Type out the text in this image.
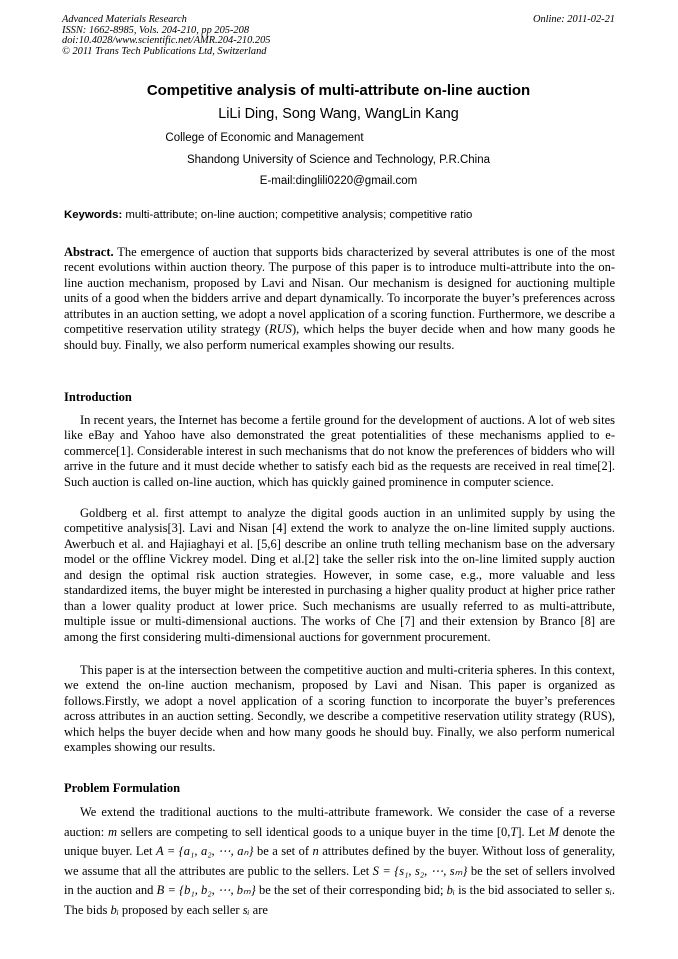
Advanced Materials Research
ISSN: 1662-8985, Vols. 204-210, pp 205-208
doi:10.4028/www.scientific.net/AMR.204-210.205
© 2011 Trans Tech Publications Ltd, Switzerland
Online: 2011-02-21
Competitive analysis of multi-attribute on-line auction
LiLi Ding, Song Wang, WangLin Kang
College of Economic and Management
Shandong University of Science and Technology, P.R.China
E-mail:dinglili0220@gmail.com
Keywords: multi-attribute; on-line auction; competitive analysis; competitive ratio
Abstract. The emergence of auction that supports bids characterized by several attributes is one of the most recent evolutions within auction theory. The purpose of this paper is to introduce multi-attribute into the on-line auction mechanism, proposed by Lavi and Nisan. Our mechanism is designed for auctioning multiple units of a good when the bidders arrive and depart dynamically. To incorporate the buyer’s preferences across attributes in an auction setting, we adopt a novel application of a scoring function. Furthermore, we describe a competitive reservation utility strategy (RUS), which helps the buyer decide when and how many goods he should buy. Finally, we also perform numerical examples showing our results.
Introduction
In recent years, the Internet has become a fertile ground for the development of auctions. A lot of web sites like eBay and Yahoo have also demonstrated the great potentialities of these mechanisms applied to e-commerce[1]. Considerable interest in such mechanisms that do not know the preferences of bidders who will arrive in the future and it must decide whether to satisfy each bid as the requests are received in real time[2]. Such auction is called on-line auction, which has quickly gained prominence in computer science.
Goldberg et al. first attempt to analyze the digital goods auction in an unlimited supply by using the competitive analysis[3]. Lavi and Nisan [4] extend the work to analyze the on-line limited supply auctions. Awerbuch et al. and Hajiaghayi et al. [5,6] describe an online truth telling mechanism base on the adversary model or the offline Vickrey model. Ding et al.[2] take the seller risk into the on-line limited supply auction and design the optimal risk auction strategies. However, in some case, e.g., more valuable and less standardized items, the buyer might be interested in purchasing a higher quality product at higher price rather than a lower quality product at lower price. Such mechanisms are usually referred to as multi-attribute, multiple issue or multi-dimensional auctions. The works of Che [7] and their extension by Branco [8] are among the first considering multi-dimensional auctions for government procurement.
This paper is at the intersection between the competitive auction and multi-criteria spheres. In this context, we extend the on-line auction mechanism, proposed by Lavi and Nisan. This paper is organized as follows.Firstly, we adopt a novel application of a scoring function to incorporate the buyer’s preferences across attributes in an auction setting. Secondly, we describe a competitive reservation utility strategy (RUS), which helps the buyer decide when and how many goods he should buy. Finally, we also perform numerical examples showing our results.
Problem Formulation
We extend the traditional auctions to the multi-attribute framework. We consider the case of a reverse auction: m sellers are competing to sell identical goods to a unique buyer in the time [0,T]. Let M denote the unique buyer. Let A = {a₁, a₂, ⋯, aₙ} be a set of n attributes defined by the buyer. Without loss of generality, we assume that all the attributes are public to the sellers. Let S = {s₁, s₂, ⋯, sₘ} be the set of sellers involved in the auction and B = {b₁, b₂, ⋯, bₘ} be the set of their corresponding bid; bᵢ is the bid associated to seller sᵢ. The bids bᵢ proposed by each seller sᵢ are
